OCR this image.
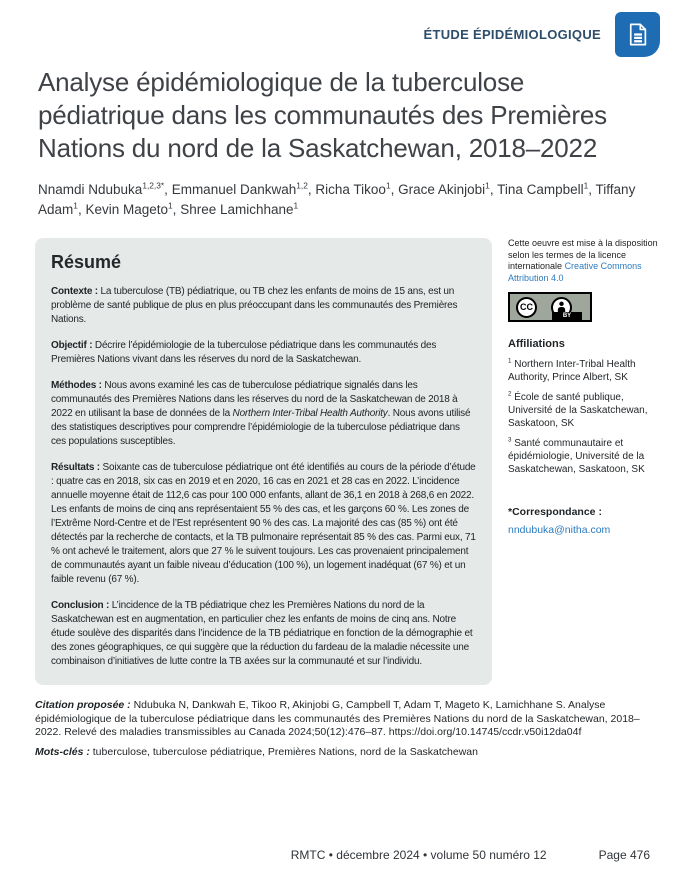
ÉTUDE ÉPIDÉMIOLOGIQUE
Analyse épidémiologique de la tuberculose pédiatrique dans les communautés des Premières Nations du nord de la Saskatchewan, 2018–2022

Nnamdi Ndubuka$^{1,2,3*}$, Emmanuel Dankwah$^{1,2}$, Richa Tikoo$^1$, Grace Akinjobi$^1$, Tina Campbell$^1$, Tiffany Adam$^1$, Kevin Mageto$^1$, Shree Lamichhane$^1$

Résumé

Contexte : La tuberculose (TB) pédiatrique, ou TB chez les enfants de moins de 15 ans, est un problème de santé publique de plus en plus préoccupant dans les communautés des Premières Nations.

Objectif : Décrire l’épidémiologie de la tuberculose pédiatrique dans les communautés des Premières Nations vivant dans les réserves du nord de la Saskatchewan.

Méthodes : Nous avons examiné les cas de tuberculose pédiatrique signalés dans les communautés des Premières Nations dans les réserves du nord de la Saskatchewan de 2018 à 2022 en utilisant la base de données de la Northern Inter-Tribal Health Authority. Nous avons utilisé des statistiques descriptives pour comprendre l’épidémiologie de la tuberculose pédiatrique dans ces populations susceptibles.

Résultats : Soixante cas de tuberculose pédiatrique ont été identifiés au cours de la période d’étude : quatre cas en 2018, six cas en 2019 et en 2020, 16 cas en 2021 et 28 cas en 2022. L’incidence annuelle moyenne était de 112,6 cas pour 100 000 enfants, allant de 36,1 en 2018 à 268,6 en 2022. Les enfants de moins de cinq ans représentaient 55 % des cas, et les garçons 60 %. Les zones de l’Extrême Nord-Centre et de l’Est représentent 90 % des cas. La majorité des cas (85 %) ont été détectés par la recherche de contacts, et la TB pulmonaire représentait 85 % des cas. Parmi eux, 71 % ont achevé le traitement, alors que 27 % le suivent toujours. Les cas provenaient principalement de communautés ayant un faible niveau d’éducation (100 %), un logement inadéquat (67 %) et un faible revenu (67 %).

Conclusion : L’incidence de la TB pédiatrique chez les Premières Nations du nord de la Saskatchewan est en augmentation, en particulier chez les enfants de moins de cinq ans. Notre étude soulève des disparités dans l’incidence de la TB pédiatrique en fonction de la démographie et des zones géographiques, ce qui suggère que la réduction du fardeau de la maladie nécessite une combinaison d’initiatives de lutte contre la TB axées sur la communauté et sur l’individu.

Cette oeuvre est mise à la disposition selon les termes de la licence internationale Creative Commons Attribution 4.0

CC
BY
Affiliations

$^1$ Northern Inter-Tribal Health Authority, Prince Albert, SK

$^2$ École de santé publique, Université de la Saskatchewan, Saskatoon, SK

$^3$ Santé communautaire et épidémiologie, Université de la Saskatchewan, Saskatoon, SK

*Correspondance :

nndubuka@nitha.com

Citation proposée : Ndubuka N, Dankwah E, Tikoo R, Akinjobi G, Campbell T, Adam T, Mageto K, Lamichhane S. Analyse épidémiologique de la tuberculose pédiatrique dans les communautés des Premières Nations du nord de la Saskatchewan, 2018–2022. Relevé des maladies transmissibles au Canada 2024;50(12):476–87. https://doi.org/10.14745/ccdr.v50i12da04f

Mots-clés : tuberculose, tuberculose pédiatrique, Premières Nations, nord de la Saskatchewan

RMTC • décembre 2024 • volume 50 numéro 12	Page 476
